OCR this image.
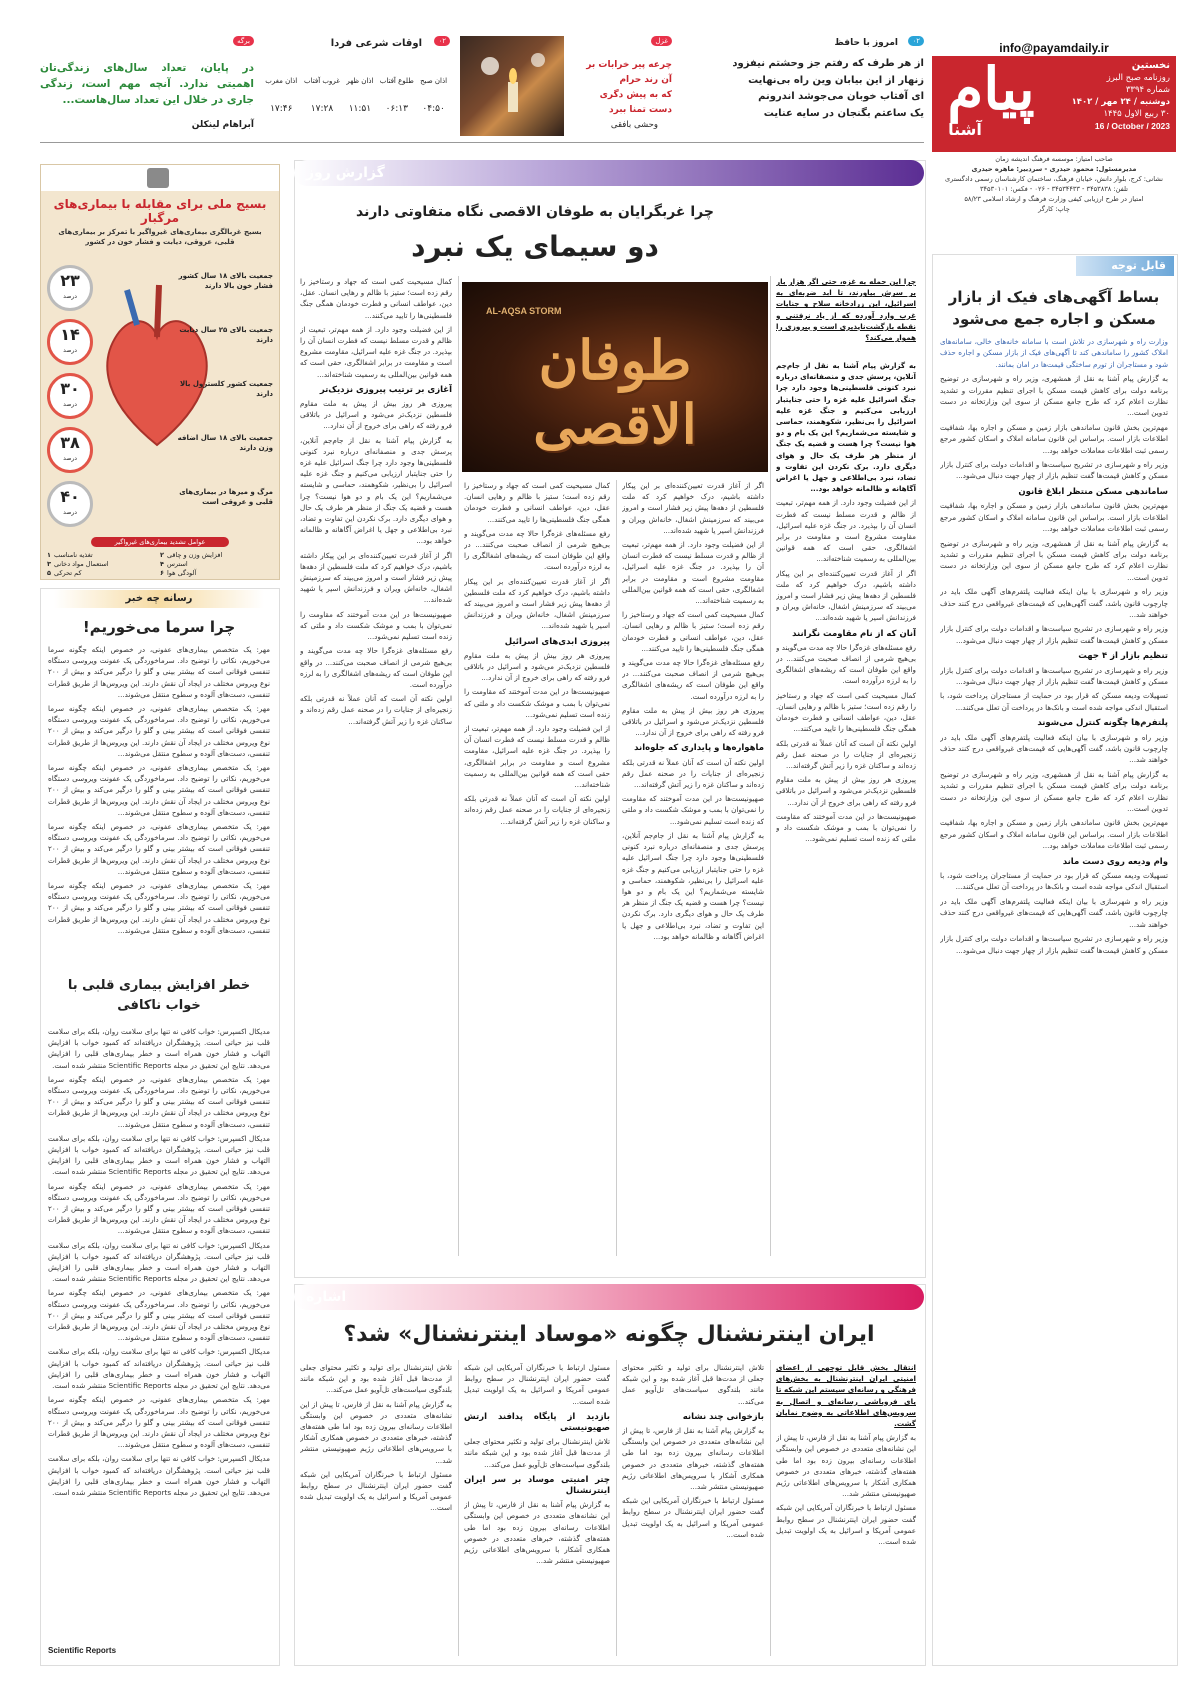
info@payamdaily.ir
پیام
آشنا
نخستین
روزنامه صبح البرز
شماره ۳۳۹۴
دوشنبه / ۲۴ مهر / ۱۴۰۲
۳۰ ربیع الاول ۱۴۴۵
16 / October / 2023
صاحب امتیاز: موسسه فرهنگ اندیشه زمان
مدیرمسئول: محمود حیدری - سردبیر: ماهره حیدری
نشانی: کرج، بلوار دانش، خیابان فرهنگ، ساختمان کارشناسان رسمی دادگستری
تلفن: ۳۴۵۳۸۳۸ - ۳۴۵۳۴۴۳۳ - ۰۲۶ - فکس: ۳۴۵۳۰۱۰۱
امتیاز در طرح ارزیابی کیفی وزارت فرهنگ و ارشاد اسلامی ۵۸/۲۳
چاپ: کارگر
۰۲
امروز با حافظ
از هر طرف که رفتم جز وحشتم نیفزود
زنهار از این بیابان وین راه بی‌نهایت
ای آفتاب خوبان می‌جوشد اندرونم
یک ساعتم بگنجان در سایه عنایت
غزل
چرعه پیر خرابات بر آن رند حرام
که به پیش دگری دست تمنا ببرد
وحشی بافقی
۰۲
اوقات شرعی فردا
اذان صبح	طلوع آفتاب	اذان ظهر	غروب آفتاب	اذان مغرب
۰۴:۵۰	۰۶:۱۳	۱۱:۵۱	۱۷:۲۸	۱۷:۴۶
برگه
در پایان، تعداد سال‌های زندگی‌تان اهمیتی ندارد. آنچه مهم است، زندگی جاری در خلال این تعداد سال‌هاست...
آبراهام لینکلن
گزارش روز
چرا غربگرایان به طوفان الاقصی نگاه متفاوتی دارند
دو سیمای یک نبرد
چرا این حمله به غزه، حتی اگر هزار بار بر سرش بیاورند، تا ابد ضربه‌ای به اسرائیل، این زرادخانه سلاح و جنایات غرب وارد آورده که از یاد نرفتنی و نقطه بازگشت‌ناپذیری است و پیروزی را هموار می‌کند؟
طوفان الاقصی
AL-AQSA STORM

به گزارش پیام آشنا به نقل از جام‌جم آنلاین، پرسش جدی و منصفانه‌ای درباره نبرد کنونی فلسطینی‌ها وجود دارد چرا جنگ اسرائیل علیه غزه را حتی جنایتبار ارزیابی می‌کنیم و جنگ غزه علیه اسرائیل را بی‌نظیر، شکوهمند، حماسی و شایسته می‌شماریم؟ این یک بام و دو هوا نیست؟ چرا هست و قضیه یک جنگ از منظر هر طرف یک حال و هوای دیگری دارد. برک نکردن این تفاوت و تضاد، نبرد بی‌اطلاعی و جهل یا اغراض آگاهانه و ظالمانه خواهد بود...

از این فضیلت وجود دارد. از همه مهم‌تر، تبعیت از ظالم و قدرت مسلط نیست که فطرت انسان آن را بپذیرد. در جنگ غزه علیه اسرائیل، مقاومت مشروع است و مقاومت در برابر اشغالگری، حقی است که همه قوانین بین‌المللی به رسمیت شناخته‌اند...

اگر از آغاز قدرت تعیین‌کننده‌ای بر این پیکار داشته باشیم، درک خواهیم کرد که ملت فلسطین از دهه‌ها پیش زیر فشار است و امروز می‌بیند که سرزمینش اشغال، خانه‌اش ویران و فرزندانش اسیر یا شهید شده‌اند...

آنان که از نام مقاومت نگرانند

رفع مسئله‌های غزه‌گرا حالا چه مدت می‌گویند و بی‌هیچ شرمی از انصاف صحبت می‌کنند... در واقع این طوفان است که ریشه‌های اشغالگری را به لرزه درآورده است.

کمال مسیحیت کمی است که جهاد و رستاخیز را رقم زده است؛ ستیز با ظالم و رهایی انسان. عقل، دین، عواطف انسانی و فطرت خودمان همگی جنگ فلسطینی‌ها را تایید می‌کنند...

اولین نکته آن است که آنان عملاً نه قدرتی بلکه زنجیره‌ای از جنایات را در صحنه عمل رقم زده‌اند و ساکنان غزه را زیر آتش گرفته‌اند...

پیروزی هر روز بیش از پیش به ملت مقاوم فلسطین نزدیک‌تر می‌شود و اسرائیل در باتلاقی فرو رفته که راهی برای خروج از آن ندارد...

صهیونیست‌ها در این مدت آموختند که مقاومت را نمی‌توان با بمب و موشک شکست داد و ملتی که زنده است تسلیم نمی‌شود...

اگر از آغاز قدرت تعیین‌کننده‌ای بر این پیکار داشته باشیم، درک خواهیم کرد که ملت فلسطین از دهه‌ها پیش زیر فشار است و امروز می‌بیند که سرزمینش اشغال، خانه‌اش ویران و فرزندانش اسیر یا شهید شده‌اند...

از این فضیلت وجود دارد. از همه مهم‌تر، تبعیت از ظالم و قدرت مسلط نیست که فطرت انسان آن را بپذیرد. در جنگ غزه علیه اسرائیل، مقاومت مشروع است و مقاومت در برابر اشغالگری، حقی است که همه قوانین بین‌المللی به رسمیت شناخته‌اند...

کمال مسیحیت کمی است که جهاد و رستاخیز را رقم زده است؛ ستیز با ظالم و رهایی انسان. عقل، دین، عواطف انسانی و فطرت خودمان همگی جنگ فلسطینی‌ها را تایید می‌کنند...

رفع مسئله‌های غزه‌گرا حالا چه مدت می‌گویند و بی‌هیچ شرمی از انصاف صحبت می‌کنند... در واقع این طوفان است که ریشه‌های اشغالگری را به لرزه درآورده است.

پیروزی هر روز بیش از پیش به ملت مقاوم فلسطین نزدیک‌تر می‌شود و اسرائیل در باتلاقی فرو رفته که راهی برای خروج از آن ندارد...

ماهواره‌ها و پایداری که جلوه‌اند

اولین نکته آن است که آنان عملاً نه قدرتی بلکه زنجیره‌ای از جنایات را در صحنه عمل رقم زده‌اند و ساکنان غزه را زیر آتش گرفته‌اند...

صهیونیست‌ها در این مدت آموختند که مقاومت را نمی‌توان با بمب و موشک شکست داد و ملتی که زنده است تسلیم نمی‌شود...

به گزارش پیام آشنا به نقل از جام‌جم آنلاین، پرسش جدی و منصفانه‌ای درباره نبرد کنونی فلسطینی‌ها وجود دارد چرا جنگ اسرائیل علیه غزه را حتی جنایتبار ارزیابی می‌کنیم و جنگ غزه علیه اسرائیل را بی‌نظیر، شکوهمند، حماسی و شایسته می‌شماریم؟ این یک بام و دو هوا نیست؟ چرا هست و قضیه یک جنگ از منظر هر طرف یک حال و هوای دیگری دارد. برک نکردن این تفاوت و تضاد، نبرد بی‌اطلاعی و جهل یا اغراض آگاهانه و ظالمانه خواهد بود...

کمال مسیحیت کمی است که جهاد و رستاخیز را رقم زده است؛ ستیز با ظالم و رهایی انسان. عقل، دین، عواطف انسانی و فطرت خودمان همگی جنگ فلسطینی‌ها را تایید می‌کنند...

رفع مسئله‌های غزه‌گرا حالا چه مدت می‌گویند و بی‌هیچ شرمی از انصاف صحبت می‌کنند... در واقع این طوفان است که ریشه‌های اشغالگری را به لرزه درآورده است.

اگر از آغاز قدرت تعیین‌کننده‌ای بر این پیکار داشته باشیم، درک خواهیم کرد که ملت فلسطین از دهه‌ها پیش زیر فشار است و امروز می‌بیند که سرزمینش اشغال، خانه‌اش ویران و فرزندانش اسیر یا شهید شده‌اند...

پیروزی ابدی‌های اسرائیل

پیروزی هر روز بیش از پیش به ملت مقاوم فلسطین نزدیک‌تر می‌شود و اسرائیل در باتلاقی فرو رفته که راهی برای خروج از آن ندارد...

صهیونیست‌ها در این مدت آموختند که مقاومت را نمی‌توان با بمب و موشک شکست داد و ملتی که زنده است تسلیم نمی‌شود...

از این فضیلت وجود دارد. از همه مهم‌تر، تبعیت از ظالم و قدرت مسلط نیست که فطرت انسان آن را بپذیرد. در جنگ غزه علیه اسرائیل، مقاومت مشروع است و مقاومت در برابر اشغالگری، حقی است که همه قوانین بین‌المللی به رسمیت شناخته‌اند...

اولین نکته آن است که آنان عملاً نه قدرتی بلکه زنجیره‌ای از جنایات را در صحنه عمل رقم زده‌اند و ساکنان غزه را زیر آتش گرفته‌اند...

کمال مسیحیت کمی است که جهاد و رستاخیز را رقم زده است؛ ستیز با ظالم و رهایی انسان. عقل، دین، عواطف انسانی و فطرت خودمان همگی جنگ فلسطینی‌ها را تایید می‌کنند...

از این فضیلت وجود دارد. از همه مهم‌تر، تبعیت از ظالم و قدرت مسلط نیست که فطرت انسان آن را بپذیرد. در جنگ غزه علیه اسرائیل، مقاومت مشروع است و مقاومت در برابر اشغالگری، حقی است که همه قوانین بین‌المللی به رسمیت شناخته‌اند...

آغازی بر ترتیب پیروزی نزدیک‌تر

پیروزی هر روز بیش از پیش به ملت مقاوم فلسطین نزدیک‌تر می‌شود و اسرائیل در باتلاقی فرو رفته که راهی برای خروج از آن ندارد...

به گزارش پیام آشنا به نقل از جام‌جم آنلاین، پرسش جدی و منصفانه‌ای درباره نبرد کنونی فلسطینی‌ها وجود دارد چرا جنگ اسرائیل علیه غزه را حتی جنایتبار ارزیابی می‌کنیم و جنگ غزه علیه اسرائیل را بی‌نظیر، شکوهمند، حماسی و شایسته می‌شماریم؟ این یک بام و دو هوا نیست؟ چرا هست و قضیه یک جنگ از منظر هر طرف یک حال و هوای دیگری دارد. برک نکردن این تفاوت و تضاد، نبرد بی‌اطلاعی و جهل یا اغراض آگاهانه و ظالمانه خواهد بود...

اگر از آغاز قدرت تعیین‌کننده‌ای بر این پیکار داشته باشیم، درک خواهیم کرد که ملت فلسطین از دهه‌ها پیش زیر فشار است و امروز می‌بیند که سرزمینش اشغال، خانه‌اش ویران و فرزندانش اسیر یا شهید شده‌اند...

صهیونیست‌ها در این مدت آموختند که مقاومت را نمی‌توان با بمب و موشک شکست داد و ملتی که زنده است تسلیم نمی‌شود...

رفع مسئله‌های غزه‌گرا حالا چه مدت می‌گویند و بی‌هیچ شرمی از انصاف صحبت می‌کنند... در واقع این طوفان است که ریشه‌های اشغالگری را به لرزه درآورده است.

اولین نکته آن است که آنان عملاً نه قدرتی بلکه زنجیره‌ای از جنایات را در صحنه عمل رقم زده‌اند و ساکنان غزه را زیر آتش گرفته‌اند...

اشاره
ایران اینترنشنال چگونه «موساد اینترنشنال» شد؟

انتقال بخش قابل توجهی از اعضای امنیتی ایران اینترنشنال به بخش‌های فرهنگی و رسانه‌ای سیستم این شبکه تا پای فروپاشی رسانه‌ای و اتصال به سرویس‌های اطلاعاتی به وضوح نمایان گشت.

به گزارش پیام آشنا به نقل از فارس، تا پیش از این نشانه‌های متعددی در خصوص این وابستگی اطلاعات رسانه‌ای بیرون زده بود اما طی هفته‌های گذشته، خبرهای متعددی در خصوص همکاری آشکار با سرویس‌های اطلاعاتی رژیم صهیونیستی منتشر شد...

مسئول ارتباط با خبرنگاران آمریکایی این شبکه گفت حضور ایران اینترنشنال در سطح روابط عمومی آمریکا و اسرائیل به یک اولویت تبدیل شده است...

تلاش اینترنشنال برای تولید و تکثیر محتوای جعلی از مدت‌ها قبل آغاز شده بود و این شبکه مانند بلندگوی سیاست‌های تل‌آویو عمل می‌کند...

بازخوانی چند نشانه

به گزارش پیام آشنا به نقل از فارس، تا پیش از این نشانه‌های متعددی در خصوص این وابستگی اطلاعات رسانه‌ای بیرون زده بود اما طی هفته‌های گذشته، خبرهای متعددی در خصوص همکاری آشکار با سرویس‌های اطلاعاتی رژیم صهیونیستی منتشر شد...

مسئول ارتباط با خبرنگاران آمریکایی این شبکه گفت حضور ایران اینترنشنال در سطح روابط عمومی آمریکا و اسرائیل به یک اولویت تبدیل شده است...

مسئول ارتباط با خبرنگاران آمریکایی این شبکه گفت حضور ایران اینترنشنال در سطح روابط عمومی آمریکا و اسرائیل به یک اولویت تبدیل شده است...

بازدید از پایگاه پدافند ارتش صهیونیستی

تلاش اینترنشنال برای تولید و تکثیر محتوای جعلی از مدت‌ها قبل آغاز شده بود و این شبکه مانند بلندگوی سیاست‌های تل‌آویو عمل می‌کند...

چتر امنیتی موساد بر سر ایران اینترنشنال

به گزارش پیام آشنا به نقل از فارس، تا پیش از این نشانه‌های متعددی در خصوص این وابستگی اطلاعات رسانه‌ای بیرون زده بود اما طی هفته‌های گذشته، خبرهای متعددی در خصوص همکاری آشکار با سرویس‌های اطلاعاتی رژیم صهیونیستی منتشر شد...

تلاش اینترنشنال برای تولید و تکثیر محتوای جعلی از مدت‌ها قبل آغاز شده بود و این شبکه مانند بلندگوی سیاست‌های تل‌آویو عمل می‌کند...

به گزارش پیام آشنا به نقل از فارس، تا پیش از این نشانه‌های متعددی در خصوص این وابستگی اطلاعات رسانه‌ای بیرون زده بود اما طی هفته‌های گذشته، خبرهای متعددی در خصوص همکاری آشکار با سرویس‌های اطلاعاتی رژیم صهیونیستی منتشر شد...

مسئول ارتباط با خبرنگاران آمریکایی این شبکه گفت حضور ایران اینترنشنال در سطح روابط عمومی آمریکا و اسرائیل به یک اولویت تبدیل شده است...

قابل توجه
بساط آگهی‌های فیک از بازار مسکن و اجاره جمع می‌شود

وزارت راه و شهرسازی در تلاش است با سامانه خانه‌های خالی، سامانه‌های املاک کشور را ساماندهی کند تا آگهی‌های فیک از بازار مسکن و اجاره حذف شود و مستاجران از تورم ساختگی قیمت‌ها در امان بمانند.

به گزارش پیام آشنا به نقل از همشهری، وزیر راه و شهرسازی در توضیح برنامه دولت برای کاهش قیمت مسکن با اجرای تنظیم مقررات و تشدید نظارت اعلام کرد که طرح جامع مسکن از سوی این وزارتخانه در دست تدوین است...

مهم‌ترین بخش قانون ساماندهی بازار زمین و مسکن و اجاره بها، شفافیت اطلاعات بازار است. براساس این قانون سامانه املاک و اسکان کشور مرجع رسمی ثبت اطلاعات معاملات خواهد بود...

وزیر راه و شهرسازی در تشریح سیاست‌ها و اقدامات دولت برای کنترل بازار مسکن و کاهش قیمت‌ها گفت تنظیم بازار از چهار جهت دنبال می‌شود...

ساماندهی مسکن منتظر ابلاغ قانون

مهم‌ترین بخش قانون ساماندهی بازار زمین و مسکن و اجاره بها، شفافیت اطلاعات بازار است. براساس این قانون سامانه املاک و اسکان کشور مرجع رسمی ثبت اطلاعات معاملات خواهد بود...

به گزارش پیام آشنا به نقل از همشهری، وزیر راه و شهرسازی در توضیح برنامه دولت برای کاهش قیمت مسکن با اجرای تنظیم مقررات و تشدید نظارت اعلام کرد که طرح جامع مسکن از سوی این وزارتخانه در دست تدوین است...

وزیر راه و شهرسازی با بیان اینکه فعالیت پلتفرم‌های آگهی ملک باید در چارچوب قانون باشد، گفت آگهی‌هایی که قیمت‌های غیرواقعی درج کنند حذف خواهند شد...

وزیر راه و شهرسازی در تشریح سیاست‌ها و اقدامات دولت برای کنترل بازار مسکن و کاهش قیمت‌ها گفت تنظیم بازار از چهار جهت دنبال می‌شود...

تنظیم بازار از ۴ جهت

وزیر راه و شهرسازی در تشریح سیاست‌ها و اقدامات دولت برای کنترل بازار مسکن و کاهش قیمت‌ها گفت تنظیم بازار از چهار جهت دنبال می‌شود...

تسهیلات ودیعه مسکن که قرار بود در حمایت از مستاجران پرداخت شود، با استقبال اندکی مواجه شده است و بانک‌ها در پرداخت آن تعلل می‌کنند...

پلتفرم‌ها چگونه کنترل می‌شوند

وزیر راه و شهرسازی با بیان اینکه فعالیت پلتفرم‌های آگهی ملک باید در چارچوب قانون باشد، گفت آگهی‌هایی که قیمت‌های غیرواقعی درج کنند حذف خواهند شد...

به گزارش پیام آشنا به نقل از همشهری، وزیر راه و شهرسازی در توضیح برنامه دولت برای کاهش قیمت مسکن با اجرای تنظیم مقررات و تشدید نظارت اعلام کرد که طرح جامع مسکن از سوی این وزارتخانه در دست تدوین است...

مهم‌ترین بخش قانون ساماندهی بازار زمین و مسکن و اجاره بها، شفافیت اطلاعات بازار است. براساس این قانون سامانه املاک و اسکان کشور مرجع رسمی ثبت اطلاعات معاملات خواهد بود...

وام ودیعه روی دست ماند

تسهیلات ودیعه مسکن که قرار بود در حمایت از مستاجران پرداخت شود، با استقبال اندکی مواجه شده است و بانک‌ها در پرداخت آن تعلل می‌کنند...

وزیر راه و شهرسازی با بیان اینکه فعالیت پلتفرم‌های آگهی ملک باید در چارچوب قانون باشد، گفت آگهی‌هایی که قیمت‌های غیرواقعی درج کنند حذف خواهند شد...

وزیر راه و شهرسازی در تشریح سیاست‌ها و اقدامات دولت برای کنترل بازار مسکن و کاهش قیمت‌ها گفت تنظیم بازار از چهار جهت دنبال می‌شود...

بسیج ملی برای مقابله با بیماری‌های مرگبار
بسیج غربالگری بیماری‌های غیرواگیر با تمرکز بر بیماری‌های قلبی، عروقی، دیابت و فشار خون در کشور
۲۳
درصد
جمعیت بالای ۱۸ سال کشور فشار خون بالا دارند
۱۴
درصد
جمعیت بالای ۲۵ سال دیابت دارند
۳۰
درصد
جمعیت کشور کلسترول بالا دارند
۳۸
درصد
جمعیت بالای ۱۸ سال اضافه وزن دارند
۴۰
درصد
مرگ و میرها در بیماری‌های قلبی و عروقی است
عوامل تشدید بیماری‌های غیرواگیر
۱ تغذیه نامناسب	۲ افزایش وزن و چاقی
۳ استعمال مواد دخانی	۴ استرس
۵ کم تحرکی	۶ آلودگی هوا
رسانه چه خبر
چرا سرما می‌خوریم!

مهر: یک متخصص بیماری‌های عفونی، در خصوص اینکه چگونه سرما می‌خوریم، نکاتی را توضیح داد. سرماخوردگی یک عفونت ویروسی دستگاه تنفسی فوقانی است که بیشتر بینی و گلو را درگیر می‌کند و بیش از ۲۰۰ نوع ویروس مختلف در ایجاد آن نقش دارند. این ویروس‌ها از طریق قطرات تنفسی، دست‌های آلوده و سطوح منتقل می‌شوند...

مهر: یک متخصص بیماری‌های عفونی، در خصوص اینکه چگونه سرما می‌خوریم، نکاتی را توضیح داد. سرماخوردگی یک عفونت ویروسی دستگاه تنفسی فوقانی است که بیشتر بینی و گلو را درگیر می‌کند و بیش از ۲۰۰ نوع ویروس مختلف در ایجاد آن نقش دارند. این ویروس‌ها از طریق قطرات تنفسی، دست‌های آلوده و سطوح منتقل می‌شوند...

مهر: یک متخصص بیماری‌های عفونی، در خصوص اینکه چگونه سرما می‌خوریم، نکاتی را توضیح داد. سرماخوردگی یک عفونت ویروسی دستگاه تنفسی فوقانی است که بیشتر بینی و گلو را درگیر می‌کند و بیش از ۲۰۰ نوع ویروس مختلف در ایجاد آن نقش دارند. این ویروس‌ها از طریق قطرات تنفسی، دست‌های آلوده و سطوح منتقل می‌شوند...

مهر: یک متخصص بیماری‌های عفونی، در خصوص اینکه چگونه سرما می‌خوریم، نکاتی را توضیح داد. سرماخوردگی یک عفونت ویروسی دستگاه تنفسی فوقانی است که بیشتر بینی و گلو را درگیر می‌کند و بیش از ۲۰۰ نوع ویروس مختلف در ایجاد آن نقش دارند. این ویروس‌ها از طریق قطرات تنفسی، دست‌های آلوده و سطوح منتقل می‌شوند...

مهر: یک متخصص بیماری‌های عفونی، در خصوص اینکه چگونه سرما می‌خوریم، نکاتی را توضیح داد. سرماخوردگی یک عفونت ویروسی دستگاه تنفسی فوقانی است که بیشتر بینی و گلو را درگیر می‌کند و بیش از ۲۰۰ نوع ویروس مختلف در ایجاد آن نقش دارند. این ویروس‌ها از طریق قطرات تنفسی، دست‌های آلوده و سطوح منتقل می‌شوند...

خطر افزایش بیماری قلبی با خواب ناکافی

مدیکال اکسپرس: خواب کافی نه تنها برای سلامت روان، بلکه برای سلامت قلب نیز حیاتی است. پژوهشگران دریافته‌اند که کمبود خواب با افزایش التهاب و فشار خون همراه است و خطر بیماری‌های قلبی را افزایش می‌دهد. نتایج این تحقیق در مجله Scientific Reports منتشر شده است.

مهر: یک متخصص بیماری‌های عفونی، در خصوص اینکه چگونه سرما می‌خوریم، نکاتی را توضیح داد. سرماخوردگی یک عفونت ویروسی دستگاه تنفسی فوقانی است که بیشتر بینی و گلو را درگیر می‌کند و بیش از ۲۰۰ نوع ویروس مختلف در ایجاد آن نقش دارند. این ویروس‌ها از طریق قطرات تنفسی، دست‌های آلوده و سطوح منتقل می‌شوند...

مدیکال اکسپرس: خواب کافی نه تنها برای سلامت روان، بلکه برای سلامت قلب نیز حیاتی است. پژوهشگران دریافته‌اند که کمبود خواب با افزایش التهاب و فشار خون همراه است و خطر بیماری‌های قلبی را افزایش می‌دهد. نتایج این تحقیق در مجله Scientific Reports منتشر شده است.

مهر: یک متخصص بیماری‌های عفونی، در خصوص اینکه چگونه سرما می‌خوریم، نکاتی را توضیح داد. سرماخوردگی یک عفونت ویروسی دستگاه تنفسی فوقانی است که بیشتر بینی و گلو را درگیر می‌کند و بیش از ۲۰۰ نوع ویروس مختلف در ایجاد آن نقش دارند. این ویروس‌ها از طریق قطرات تنفسی، دست‌های آلوده و سطوح منتقل می‌شوند...

مدیکال اکسپرس: خواب کافی نه تنها برای سلامت روان، بلکه برای سلامت قلب نیز حیاتی است. پژوهشگران دریافته‌اند که کمبود خواب با افزایش التهاب و فشار خون همراه است و خطر بیماری‌های قلبی را افزایش می‌دهد. نتایج این تحقیق در مجله Scientific Reports منتشر شده است.

مهر: یک متخصص بیماری‌های عفونی، در خصوص اینکه چگونه سرما می‌خوریم، نکاتی را توضیح داد. سرماخوردگی یک عفونت ویروسی دستگاه تنفسی فوقانی است که بیشتر بینی و گلو را درگیر می‌کند و بیش از ۲۰۰ نوع ویروس مختلف در ایجاد آن نقش دارند. این ویروس‌ها از طریق قطرات تنفسی، دست‌های آلوده و سطوح منتقل می‌شوند...

مدیکال اکسپرس: خواب کافی نه تنها برای سلامت روان، بلکه برای سلامت قلب نیز حیاتی است. پژوهشگران دریافته‌اند که کمبود خواب با افزایش التهاب و فشار خون همراه است و خطر بیماری‌های قلبی را افزایش می‌دهد. نتایج این تحقیق در مجله Scientific Reports منتشر شده است.

مهر: یک متخصص بیماری‌های عفونی، در خصوص اینکه چگونه سرما می‌خوریم، نکاتی را توضیح داد. سرماخوردگی یک عفونت ویروسی دستگاه تنفسی فوقانی است که بیشتر بینی و گلو را درگیر می‌کند و بیش از ۲۰۰ نوع ویروس مختلف در ایجاد آن نقش دارند. این ویروس‌ها از طریق قطرات تنفسی، دست‌های آلوده و سطوح منتقل می‌شوند...

مدیکال اکسپرس: خواب کافی نه تنها برای سلامت روان، بلکه برای سلامت قلب نیز حیاتی است. پژوهشگران دریافته‌اند که کمبود خواب با افزایش التهاب و فشار خون همراه است و خطر بیماری‌های قلبی را افزایش می‌دهد. نتایج این تحقیق در مجله Scientific Reports منتشر شده است.

Scientific Reports
